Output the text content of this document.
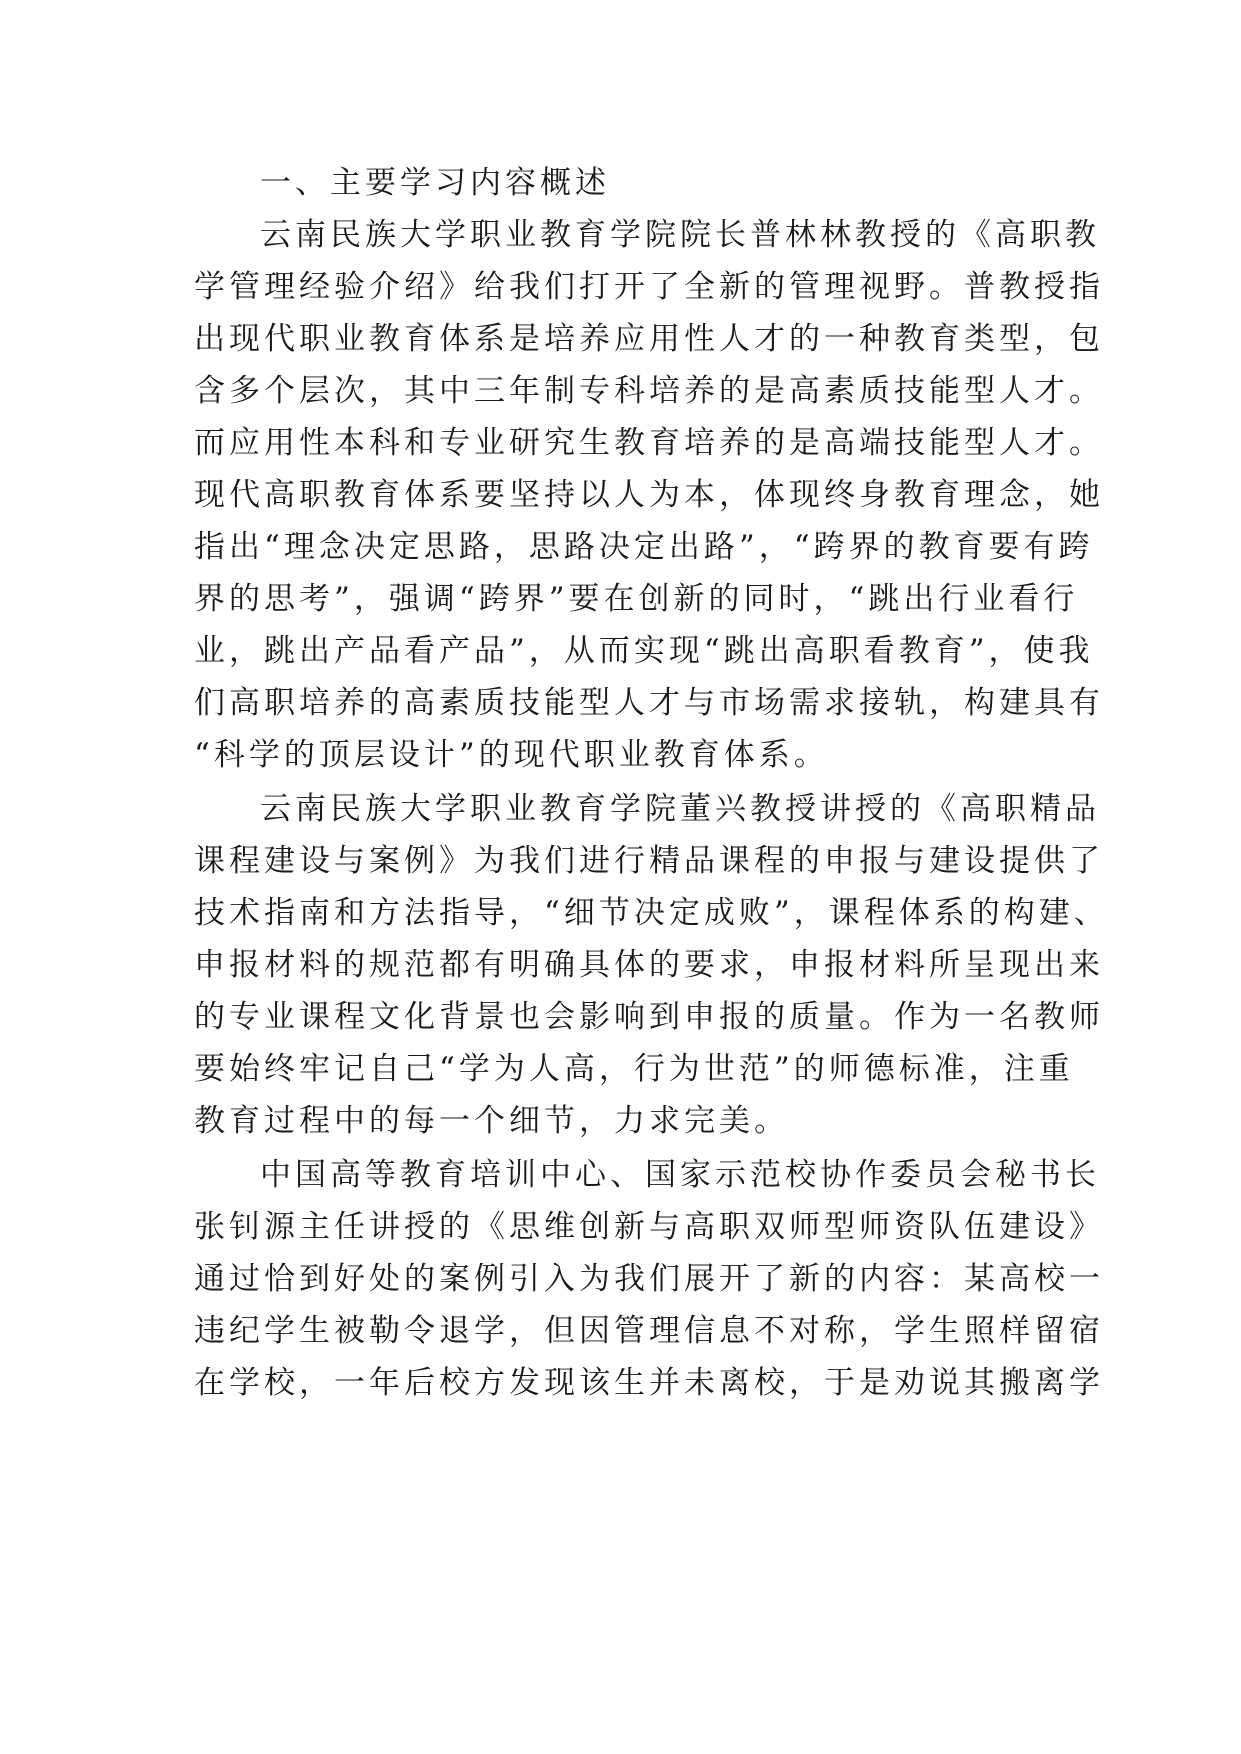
一、主要学习内容概述
云南民族大学职业教育学院院长普林林教授的《高职教
学管理经验介绍》给我们打开了全新的管理视野。普教授指
出现代职业教育体系是培养应用性人才的一种教育类型，包
含多个层次，其中三年制专科培养的是高素质技能型人才。
而应用性本科和专业研究生教育培养的是高端技能型人才。
现代高职教育体系要坚持以人为本，体现终身教育理念，她
指出“理念决定思路，思路决定出路”，“跨界的教育要有跨
界的思考”，强调“跨界”要在创新的同时，“跳出行业看行
业，跳出产品看产品”，从而实现“跳出高职看教育”，使我
们高职培养的高素质技能型人才与市场需求接轨，构建具有
“科学的顶层设计”的现代职业教育体系。
云南民族大学职业教育学院董兴教授讲授的《高职精品
课程建设与案例》为我们进行精品课程的申报与建设提供了
技术指南和方法指导，“细节决定成败”，课程体系的构建、
申报材料的规范都有明确具体的要求，申报材料所呈现出来
的专业课程文化背景也会影响到申报的质量。作为一名教师
要始终牢记自己“学为人高，行为世范”的师德标准，注重
教育过程中的每一个细节，力求完美。
中国高等教育培训中心、国家示范校协作委员会秘书长
张钊源主任讲授的《思维创新与高职双师型师资队伍建设》
通过恰到好处的案例引入为我们展开了新的内容：某高校一
违纪学生被勒令退学，但因管理信息不对称，学生照样留宿
在学校，一年后校方发现该生并未离校，于是劝说其搬离学
